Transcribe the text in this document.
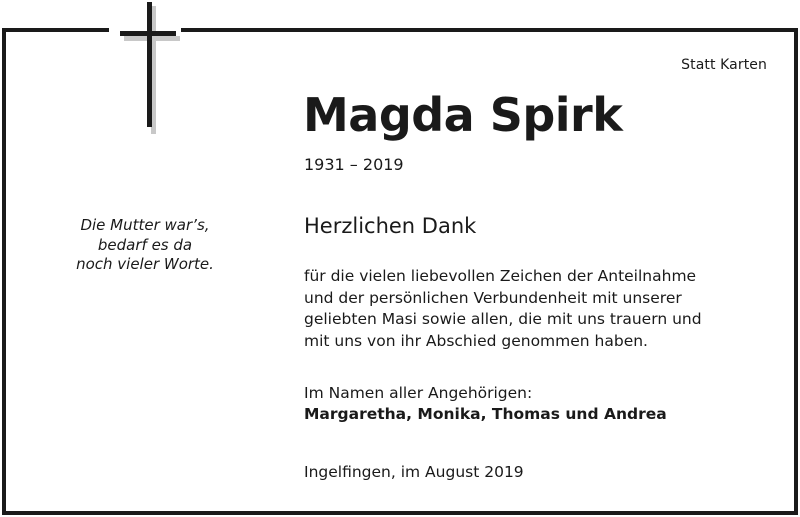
Statt Karten
Magda Spirk
1931 – 2019
Die Mutter war’s,
bedarf es da
noch vieler Worte.
Herzlichen Dank
für die vielen liebevollen Zeichen der Anteilnahme
und der persönlichen Verbundenheit mit unserer
geliebten Masi sowie allen, die mit uns trauern und
mit uns von ihr Abschied genommen haben.
Im Namen aller Angehörigen:
Margaretha, Monika, Thomas und Andrea
Ingelfingen, im August 2019
